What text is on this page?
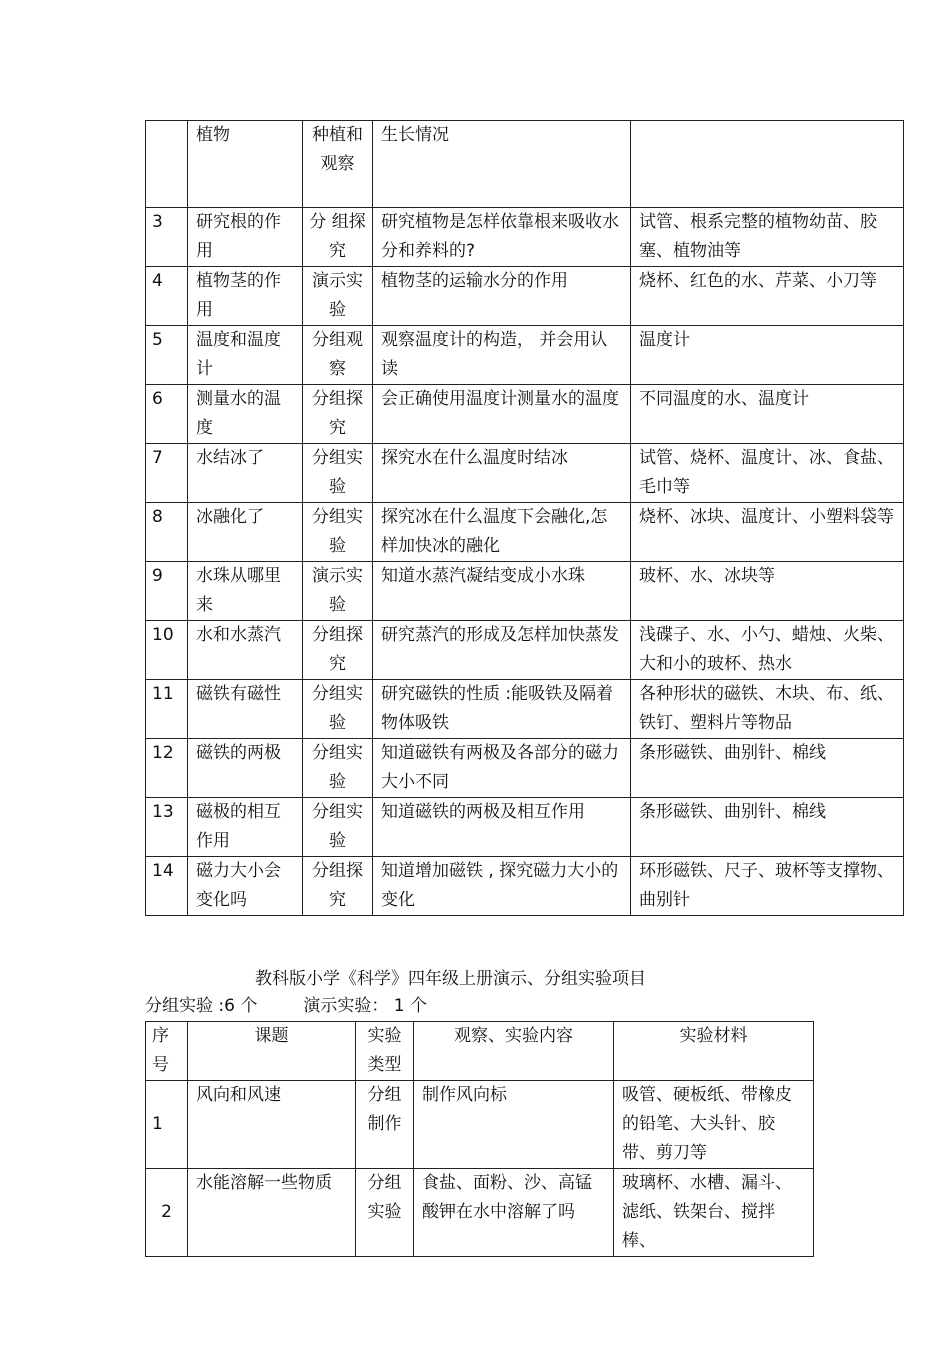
	植物	种植和观察	生长情况	
3	研究根的作用	分 组探究	研究植物是怎样依靠根来吸收水分和养料的?	试管、根系完整的植物幼苗、胶塞、植物油等
4	植物茎的作用	演示实验	植物茎的运输水分的作用	烧杯、红色的水、芹菜、小刀等
5	温度和温度计	分组观察	观察温度计的构造， 并会用认读	温度计
6	测量水的温度	分组探究	会正确使用温度计测量水的温度	不同温度的水、温度计
7	水结冰了	分组实验	探究水在什么温度时结冰	试管、烧杯、温度计、冰、食盐、毛巾等
8	冰融化了	分组实验	探究冰在什么温度下会融化,怎样加快冰的融化	烧杯、冰块、温度计、小塑料袋等
9	水珠从哪里来	演示实验	知道水蒸汽凝结变成小水珠	玻杯、水、冰块等
10	水和水蒸汽	分组探究	研究蒸汽的形成及怎样加快蒸发	浅碟子、水、小勺、蜡烛、火柴、大和小的玻杯、热水
11	磁铁有磁性	分组实验	研究磁铁的性质 :能吸铁及隔着物体吸铁	各种形状的磁铁、木块、布、纸、铁钉、塑料片等物品
12	磁铁的两极	分组实验	知道磁铁有两极及各部分的磁力大小不同	条形磁铁、曲别针、棉线
13	磁极的相互作用	分组实验	知道磁铁的两极及相互作用	条形磁铁、曲别针、棉线
14	磁力大小会变化吗	分组探究	知道增加磁铁 , 探究磁力大小的变化	环形磁铁、尺子、玻杯等支撑物、曲别针
教科版小学《科学》四年级上册演示、分组实验项目
分组实验 :6 个	演示实验： 1 个
序号	课题	实验类型	观察、实验内容	实验材料
1	风向和风速	分组制作	制作风向标	吸管、硬板纸、带橡皮的铅笔、大头针、胶带、剪刀等
2	水能溶解一些物质	分组实验	食盐、面粉、沙、高锰酸钾在水中溶解了吗	玻璃杯、水槽、漏斗、滤纸、铁架台、搅拌棒、
